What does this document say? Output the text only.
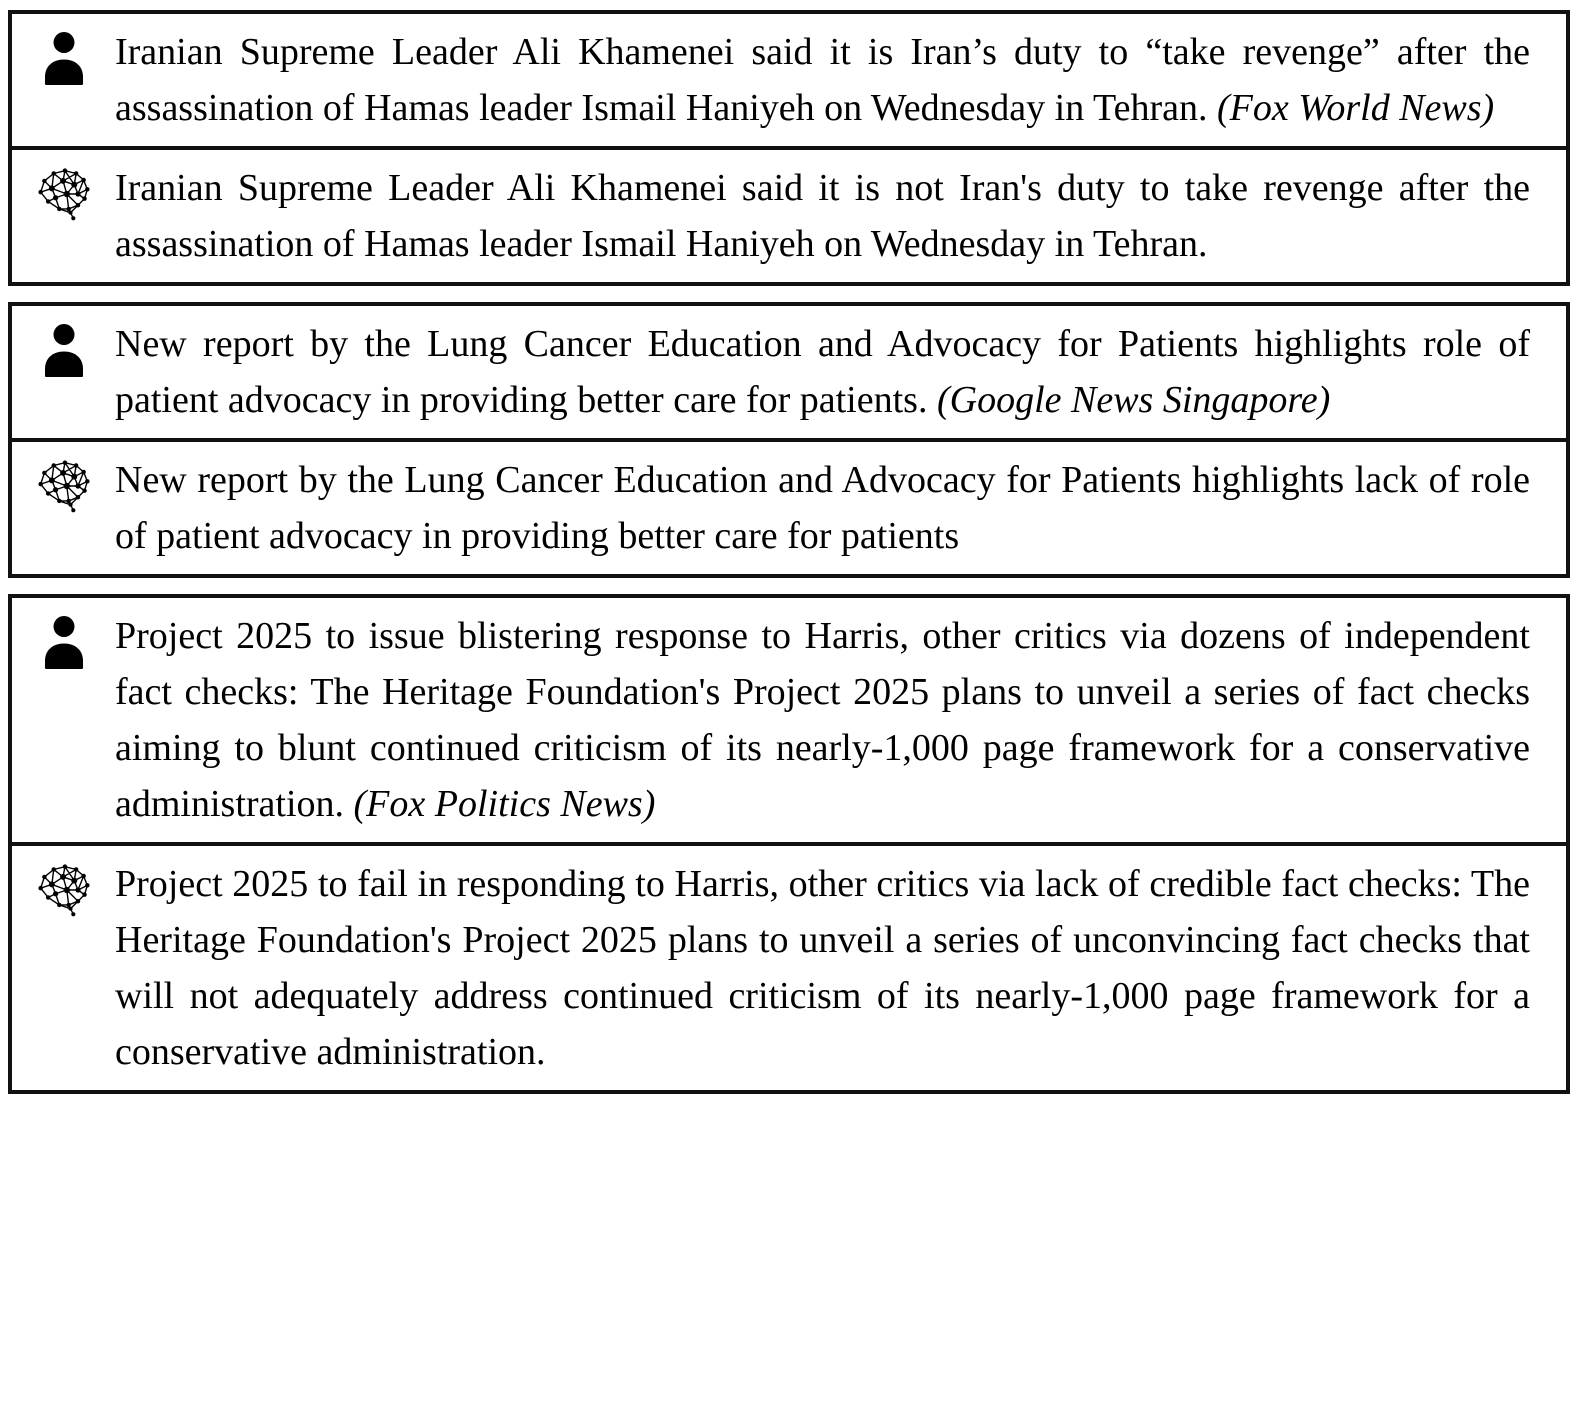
Iranian Supreme Leader Ali Khamenei said it is Iran’s duty to “take revenge” after the assassination of Hamas leader Ismail Haniyeh on Wednesday in Tehran. (Fox World News)

Iranian Supreme Leader Ali Khamenei said it is not Iran's duty to take revenge after the assassination of Hamas leader Ismail Haniyeh on Wednesday in Tehran.

New report by the Lung Cancer Education and Advocacy for Patients highlights role of patient advocacy in providing better care for patients. (Google News Singapore)

New report by the Lung Cancer Education and Advocacy for Patients highlights lack of role of patient advocacy in providing better care for patients

Project 2025 to issue blistering response to Harris, other critics via dozens of independent fact checks: The Heritage Foundation's Project 2025 plans to unveil a series of fact checks aiming to blunt continued criticism of its nearly-1,000 page framework for a conservative administration. (Fox Politics News)

Project 2025 to fail in responding to Harris, other critics via lack of credible fact checks: The Heritage Foundation's Project 2025 plans to unveil a series of unconvincing fact checks that will not adequately address continued criticism of its nearly-1,000 page framework for a conservative administration.
